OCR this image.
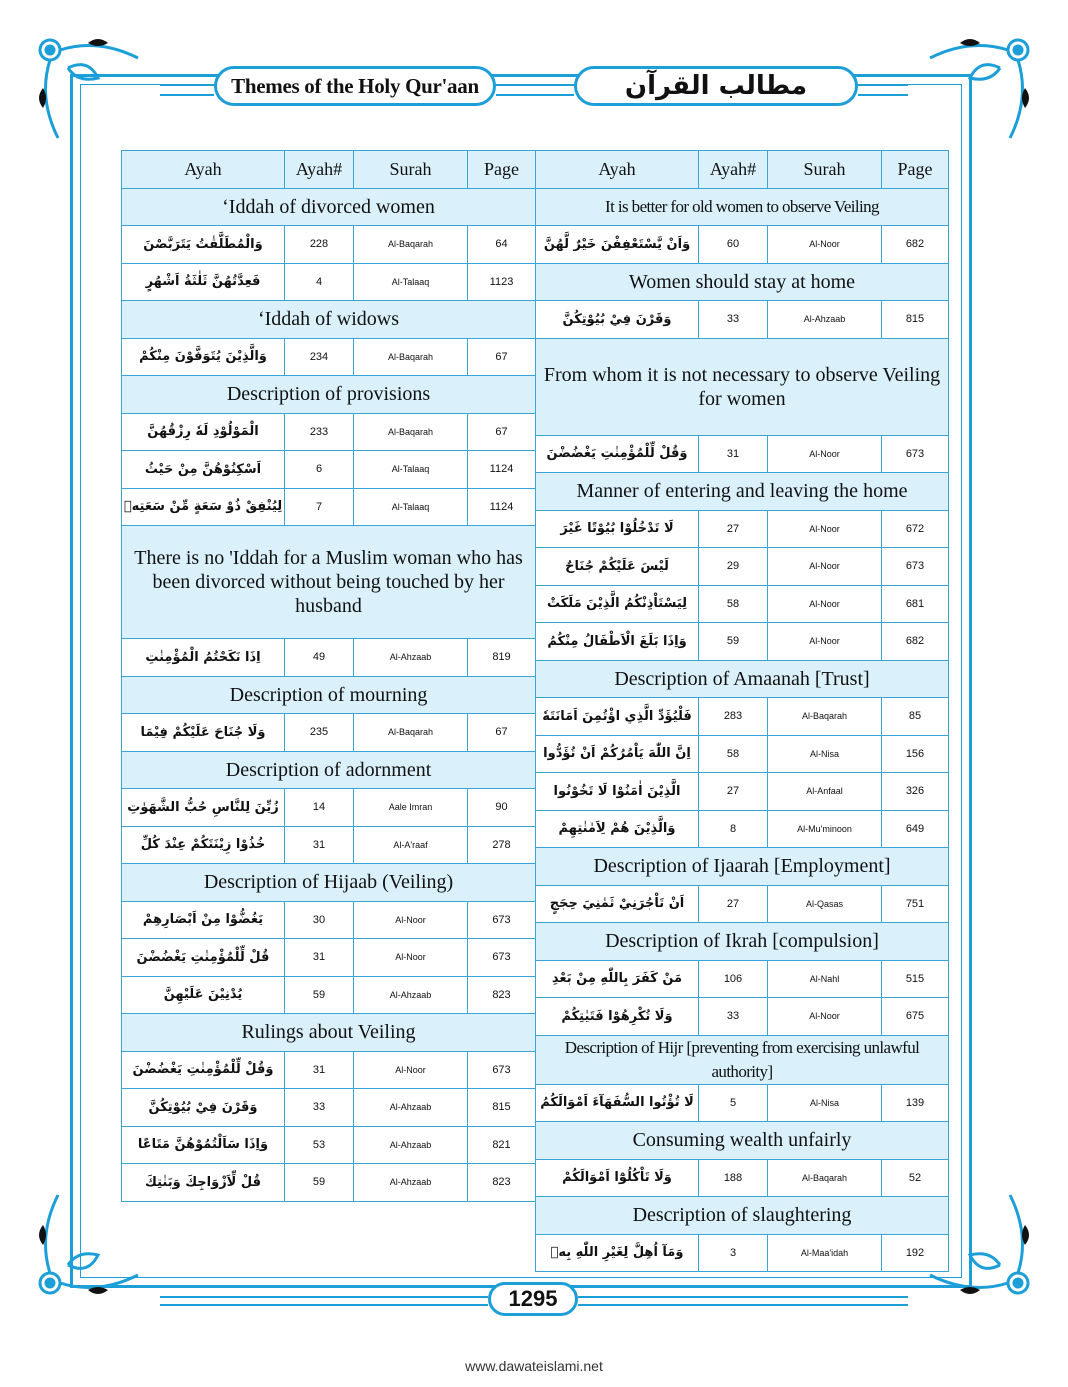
Themes of the Holy Qur'aan	مطالب القرآن
Ayah	Ayah#	Surah	Page
‘Iddah of divorced women			
وَالْمُطَلَّقٰتُ يَتَرَبَّصْنَ	228	Al-Baqarah	64
فَعِدَّتُهُنَّ ثَلٰثَةُ اَشْهُرٍ	4	Al-Talaaq	1123
‘Iddah of widows			
وَالَّذِيْنَ يُتَوَفَّوْنَ مِنْكُمْ	234	Al-Baqarah	67
Description of provisions			
الْمَوْلُوْدِ لَهٗ رِزْقُهُنَّ	233	Al-Baqarah	67
اَسْكِنُوْهُنَّ مِنْ حَيْثُ	6	Al-Talaaq	1124
لِيُنْفِقْ ذُوْ سَعَةٍ مِّنْ سَعَتِهٖ	7	Al-Talaaq	1124
There is no 'Iddah for a Muslim woman who has been divorced without being touched by her husband			
اِذَا نَكَحْتُمُ الْمُؤْمِنٰتِ	49	Al-Ahzaab	819
Description of mourning			
وَلَا جُنَاحَ عَلَيْكُمْ فِيْمَا	235	Al-Baqarah	67
Description of adornment			
زُيِّنَ لِلنَّاسِ حُبُّ الشَّهَوٰتِ	14	Aale Imran	90
خُذُوْا زِيْنَتَكُمْ عِنْدَ كُلِّ	31	Al-A'raaf	278
Description of Hijaab (Veiling)			
يَغُضُّوْا مِنْ اَبْصَارِهِمْ	30	Al-Noor	673
قُلْ لِّلْمُؤْمِنٰتِ يَغْضُضْنَ	31	Al-Noor	673
يُدْنِيْنَ عَلَيْهِنَّ	59	Al-Ahzaab	823
Rulings about Veiling			
وَقُلْ لِّلْمُؤْمِنٰتِ يَغْضُضْنَ	31	Al-Noor	673
وَقَرْنَ فِيْ بُيُوْتِكُنَّ	33	Al-Ahzaab	815
وَاِذَا سَاَلْتُمُوْهُنَّ مَتَاعًا	53	Al-Ahzaab	821
قُلْ لِّاَزْوَاجِكَ وَبَنٰتِكَ	59	Al-Ahzaab	823
Ayah	Ayah#	Surah	Page
It is better for old women to observe Veiling			
وَاَنْ يَّسْتَعْفِفْنَ خَيْرٌ لَّهُنَّ	60	Al-Noor	682
Women should stay at home			
وَقَرْنَ فِيْ بُيُوْتِكُنَّ	33	Al-Ahzaab	815
From whom it is not necessary to observe Veiling for women			
وَقُلْ لِّلْمُؤْمِنٰتِ يَغْضُضْنَ	31	Al-Noor	673
Manner of entering and leaving the home			
لَا تَدْخُلُوْا بُيُوْتًا غَيْرَ	27	Al-Noor	672
لَيْسَ عَلَيْكُمْ جُنَاحٌ	29	Al-Noor	673
لِيَسْتَاْذِنْكُمُ الَّذِيْنَ مَلَكَتْ	58	Al-Noor	681
وَاِذَا بَلَغَ الْاَطْفَالُ مِنْكُمُ	59	Al-Noor	682
Description of Amaanah [Trust]			
فَلْيُؤَدِّ الَّذِي اؤْتُمِنَ اَمَانَتَهٗ	283	Al-Baqarah	85
اِنَّ اللّٰهَ يَاْمُرُكُمْ اَنْ تُؤَدُّوا	58	Al-Nisa	156
الَّذِيْنَ اٰمَنُوْا لَا تَخُوْنُوا	27	Al-Anfaal	326
وَالَّذِيْنَ هُمْ لِاَمٰنٰتِهِمْ	8	Al-Mu'minoon	649
Description of Ijaarah [Employment]			
اَنْ تَاْجُرَنِيْ ثَمٰنِيَ حِجَجٍ	27	Al-Qasas	751
Description of Ikrah [compulsion]			
مَنْ كَفَرَ بِاللّٰهِ مِنْ بَعْدِ	106	Al-Nahl	515
وَلَا تُكْرِهُوْا فَتَيٰتِكُمْ	33	Al-Noor	675
Description of Hijr [preventing from exercising unlawful authority]			
لَا تُؤْتُوا السُّفَهَآءَ اَمْوَالَكُمُ	5	Al-Nisa	139
Consuming wealth unfairly			
وَلَا تَاْكُلُوْٓا اَمْوَالَكُمْ	188	Al-Baqarah	52
Description of slaughtering			
وَمَآ اُهِلَّ لِغَيْرِ اللّٰهِ بِهٖ	3	Al-Maa'idah	192
1295
www.dawateislami.net
